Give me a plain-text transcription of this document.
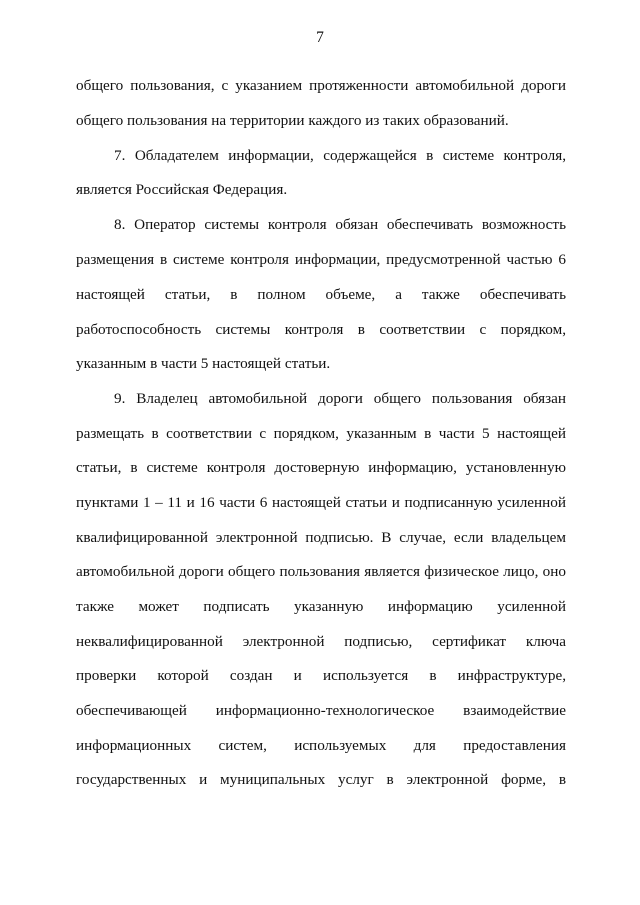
7
общего пользования, с указанием протяженности автомобильной дороги
общего пользования на территории каждого из таких образований.
7. Обладателем информации, содержащейся в системе контроля,
является Российская Федерация.
8. Оператор системы контроля обязан обеспечивать возможность
размещения в системе контроля информации, предусмотренной частью 6
настоящей статьи, в полном объеме, а также обеспечивать
работоспособность системы контроля в соответствии с порядком,
указанным в части 5 настоящей статьи.
9. Владелец автомобильной дороги общего пользования обязан
размещать в соответствии с порядком, указанным в части 5 настоящей
статьи, в системе контроля достоверную информацию, установленную
пунктами 1 – 11 и 16 части 6 настоящей статьи и подписанную усиленной
квалифицированной электронной подписью. В случае, если владельцем
автомобильной дороги общего пользования является физическое лицо, оно
также может подписать указанную информацию усиленной
неквалифицированной электронной подписью, сертификат ключа
проверки которой создан и используется в инфраструктуре,
обеспечивающей информационно-технологическое взаимодействие
информационных систем, используемых для предоставления
государственных и муниципальных услуг в электронной форме, в
